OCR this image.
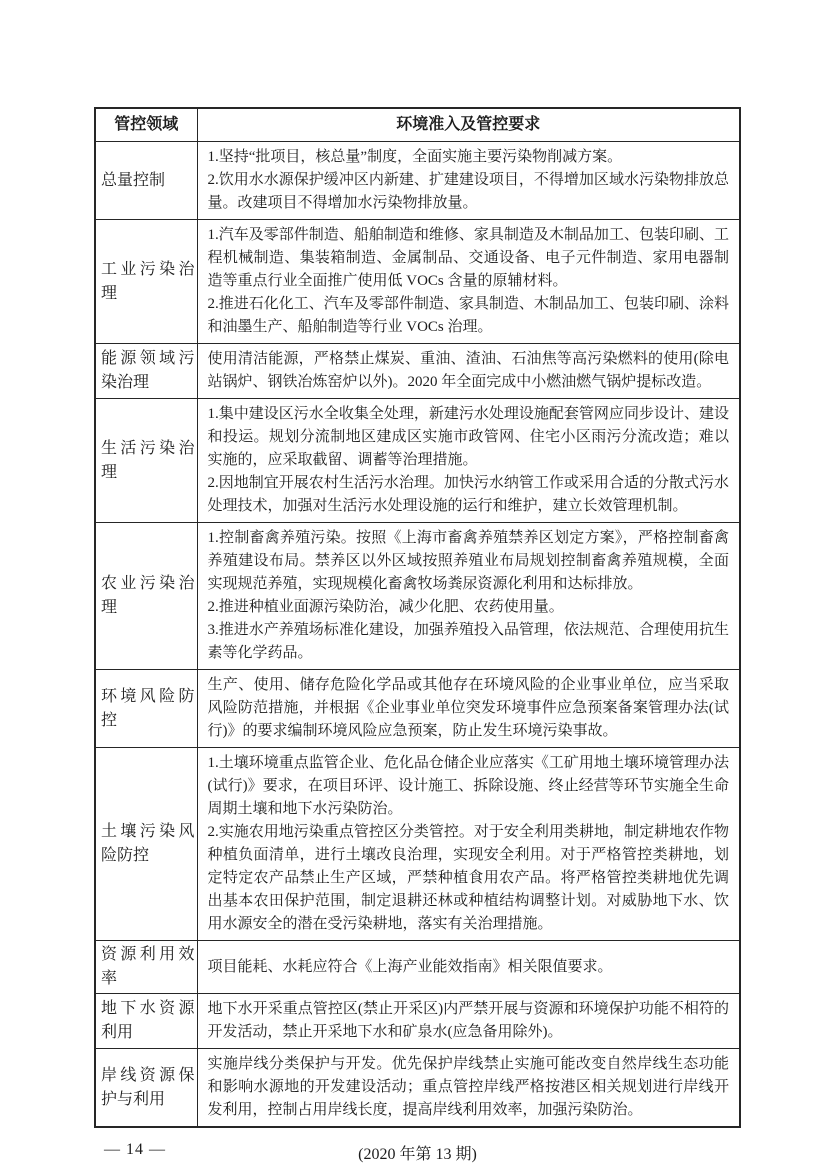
管控领域	环境准入及管控要求
总量控制	1.坚持“批项目，核总量”制度，全面实施主要污染物削减方案。

2.饮用水水源保护缓冲区内新建、扩建建设项目，不得增加区域水污染物排放总量。改建项目不得增加水污染物排放量。

工业污染治理	1.汽车及零部件制造、船舶制造和维修、家具制造及木制品加工、包装印刷、工程机械制造、集装箱制造、金属制品、交通设备、电子元件制造、家用电器制造等重点行业全面推广使用低 VOCs 含量的原辅材料。

2.推进石化化工、汽车及零部件制造、家具制造、木制品加工、包装印刷、涂料和油墨生产、船舶制造等行业 VOCs 治理。

能源领域污染治理	使用清洁能源，严格禁止煤炭、重油、渣油、石油焦等高污染燃料的使用(除电站锅炉、钢铁冶炼窑炉以外)。2020 年全面完成中小燃油燃气锅炉提标改造。

生活污染治理	1.集中建设区污水全收集全处理，新建污水处理设施配套管网应同步设计、建设和投运。规划分流制地区建成区实施市政管网、住宅小区雨污分流改造；难以实施的，应采取截留、调蓄等治理措施。

2.因地制宜开展农村生活污水治理。加快污水纳管工作或采用合适的分散式污水处理技术，加强对生活污水处理设施的运行和维护，建立长效管理机制。

农业污染治理	1.控制畜禽养殖污染。按照《上海市畜禽养殖禁养区划定方案》，严格控制畜禽养殖建设布局。禁养区以外区域按照养殖业布局规划控制畜禽养殖规模，全面实现规范养殖，实现规模化畜禽牧场粪尿资源化利用和达标排放。

2.推进种植业面源污染防治，减少化肥、农药使用量。

3.推进水产养殖场标准化建设，加强养殖投入品管理，依法规范、合理使用抗生素等化学药品。

环境风险防控	生产、使用、储存危险化学品或其他存在环境风险的企业事业单位，应当采取风险防范措施，并根据《企业事业单位突发环境事件应急预案备案管理办法(试行)》的要求编制环境风险应急预案，防止发生环境污染事故。

土壤污染风险防控	1.土壤环境重点监管企业、危化品仓储企业应落实《工矿用地土壤环境管理办法(试行)》要求，在项目环评、设计施工、拆除设施、终止经营等环节实施全生命周期土壤和地下水污染防治。

2.实施农用地污染重点管控区分类管控。对于安全利用类耕地，制定耕地农作物种植负面清单，进行土壤改良治理，实现安全利用。对于严格管控类耕地，划定特定农产品禁止生产区域，严禁种植食用农产品。将严格管控类耕地优先调出基本农田保护范围，制定退耕还林或种植结构调整计划。对威胁地下水、饮用水源安全的潜在受污染耕地，落实有关治理措施。

资源利用效率	项目能耗、水耗应符合《上海产业能效指南》相关限值要求。

地下水资源利用	地下水开采重点管控区(禁止开采区)内严禁开展与资源和环境保护功能不相符的开发活动，禁止开采地下水和矿泉水(应急备用除外)。

岸线资源保护与利用	实施岸线分类保护与开发。优先保护岸线禁止实施可能改变自然岸线生态功能和影响水源地的开发建设活动；重点管控岸线严格按港区相关规划进行岸线开发利用，控制占用岸线长度，提高岸线利用效率，加强污染防治。

— 14 —	(2020 年第 13 期)
